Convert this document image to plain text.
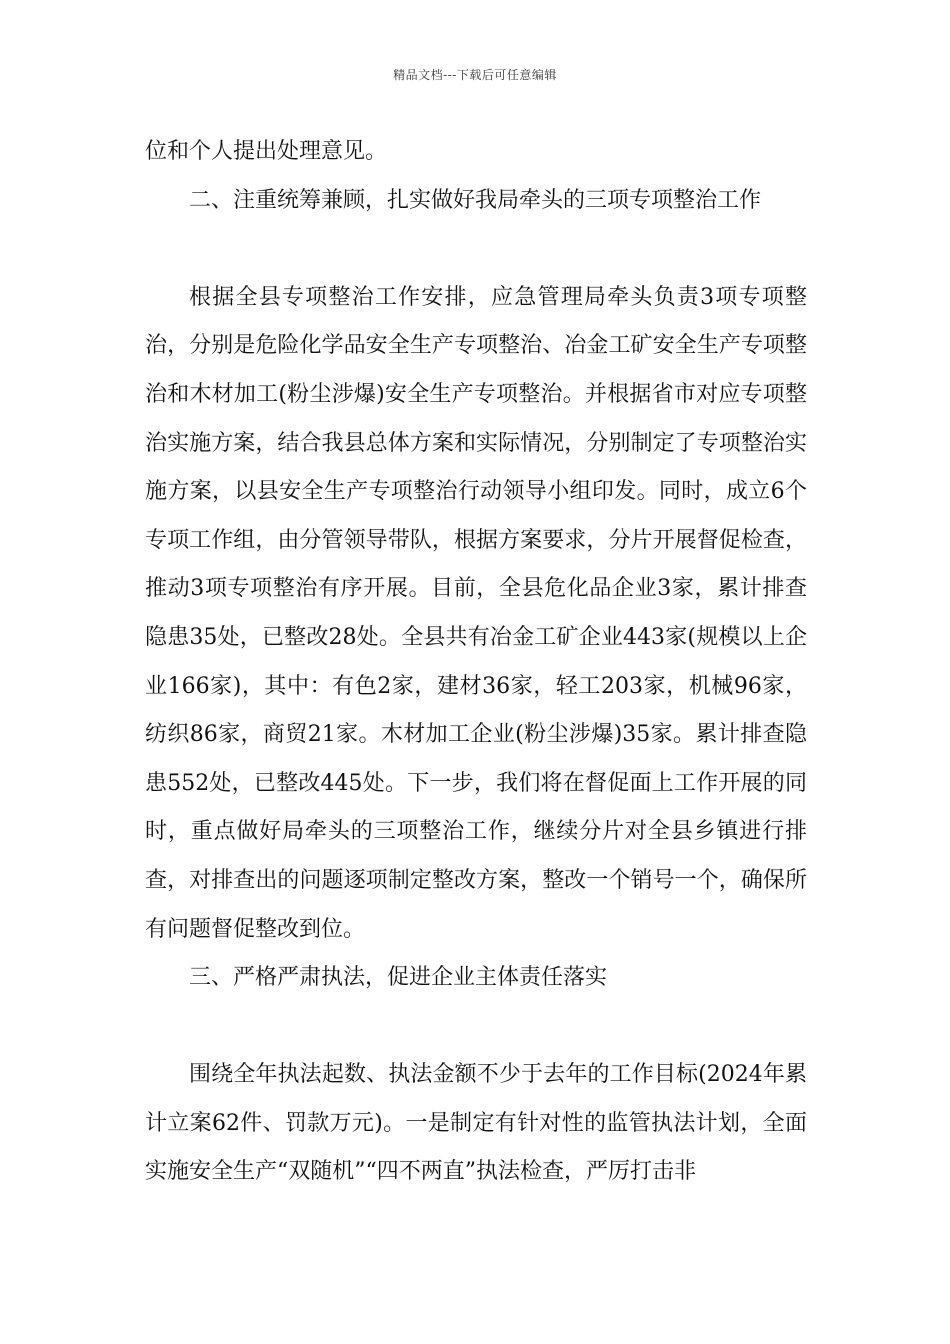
精品文档---下载后可任意编辑

位和个人提出处理意见。

二、注重统筹兼顾，扎实做好我局牵头的三项专项整治工作

根据全县专项整治工作安排，应急管理局牵头负责3项专项整治，分别是危险化学品安全生产专项整治、冶金工矿安全生产专项整治和木材加工(粉尘涉爆)安全生产专项整治。并根据省市对应专项整治实施方案，结合我县总体方案和实际情况，分别制定了专项整治实施方案，以县安全生产专项整治行动领导小组印发。同时，成立6个专项工作组，由分管领导带队，根据方案要求，分片开展督促检查，推动3项专项整治有序开展。目前，全县危化品企业3家，累计排查隐患35处，已整改28处。全县共有冶金工矿企业443家(规模以上企业166家)，其中：有色2家，建材36家，轻工203家，机械96家，纺织86家，商贸21家。木材加工企业(粉尘涉爆)35家。累计排查隐患552处，已整改445处。下一步，我们将在督促面上工作开展的同时，重点做好局牵头的三项整治工作，继续分片对全县乡镇进行排查，对排查出的问题逐项制定整改方案，整改一个销号一个，确保所有问题督促整改到位。

三、严格严肃执法，促进企业主体责任落实

围绕全年执法起数、执法金额不少于去年的工作目标(2024年累计立案62件、罚款万元)。一是制定有针对性的监管执法计划，全面实施安全生产“双随机”“四不两直”执法检查，严厉打击非
